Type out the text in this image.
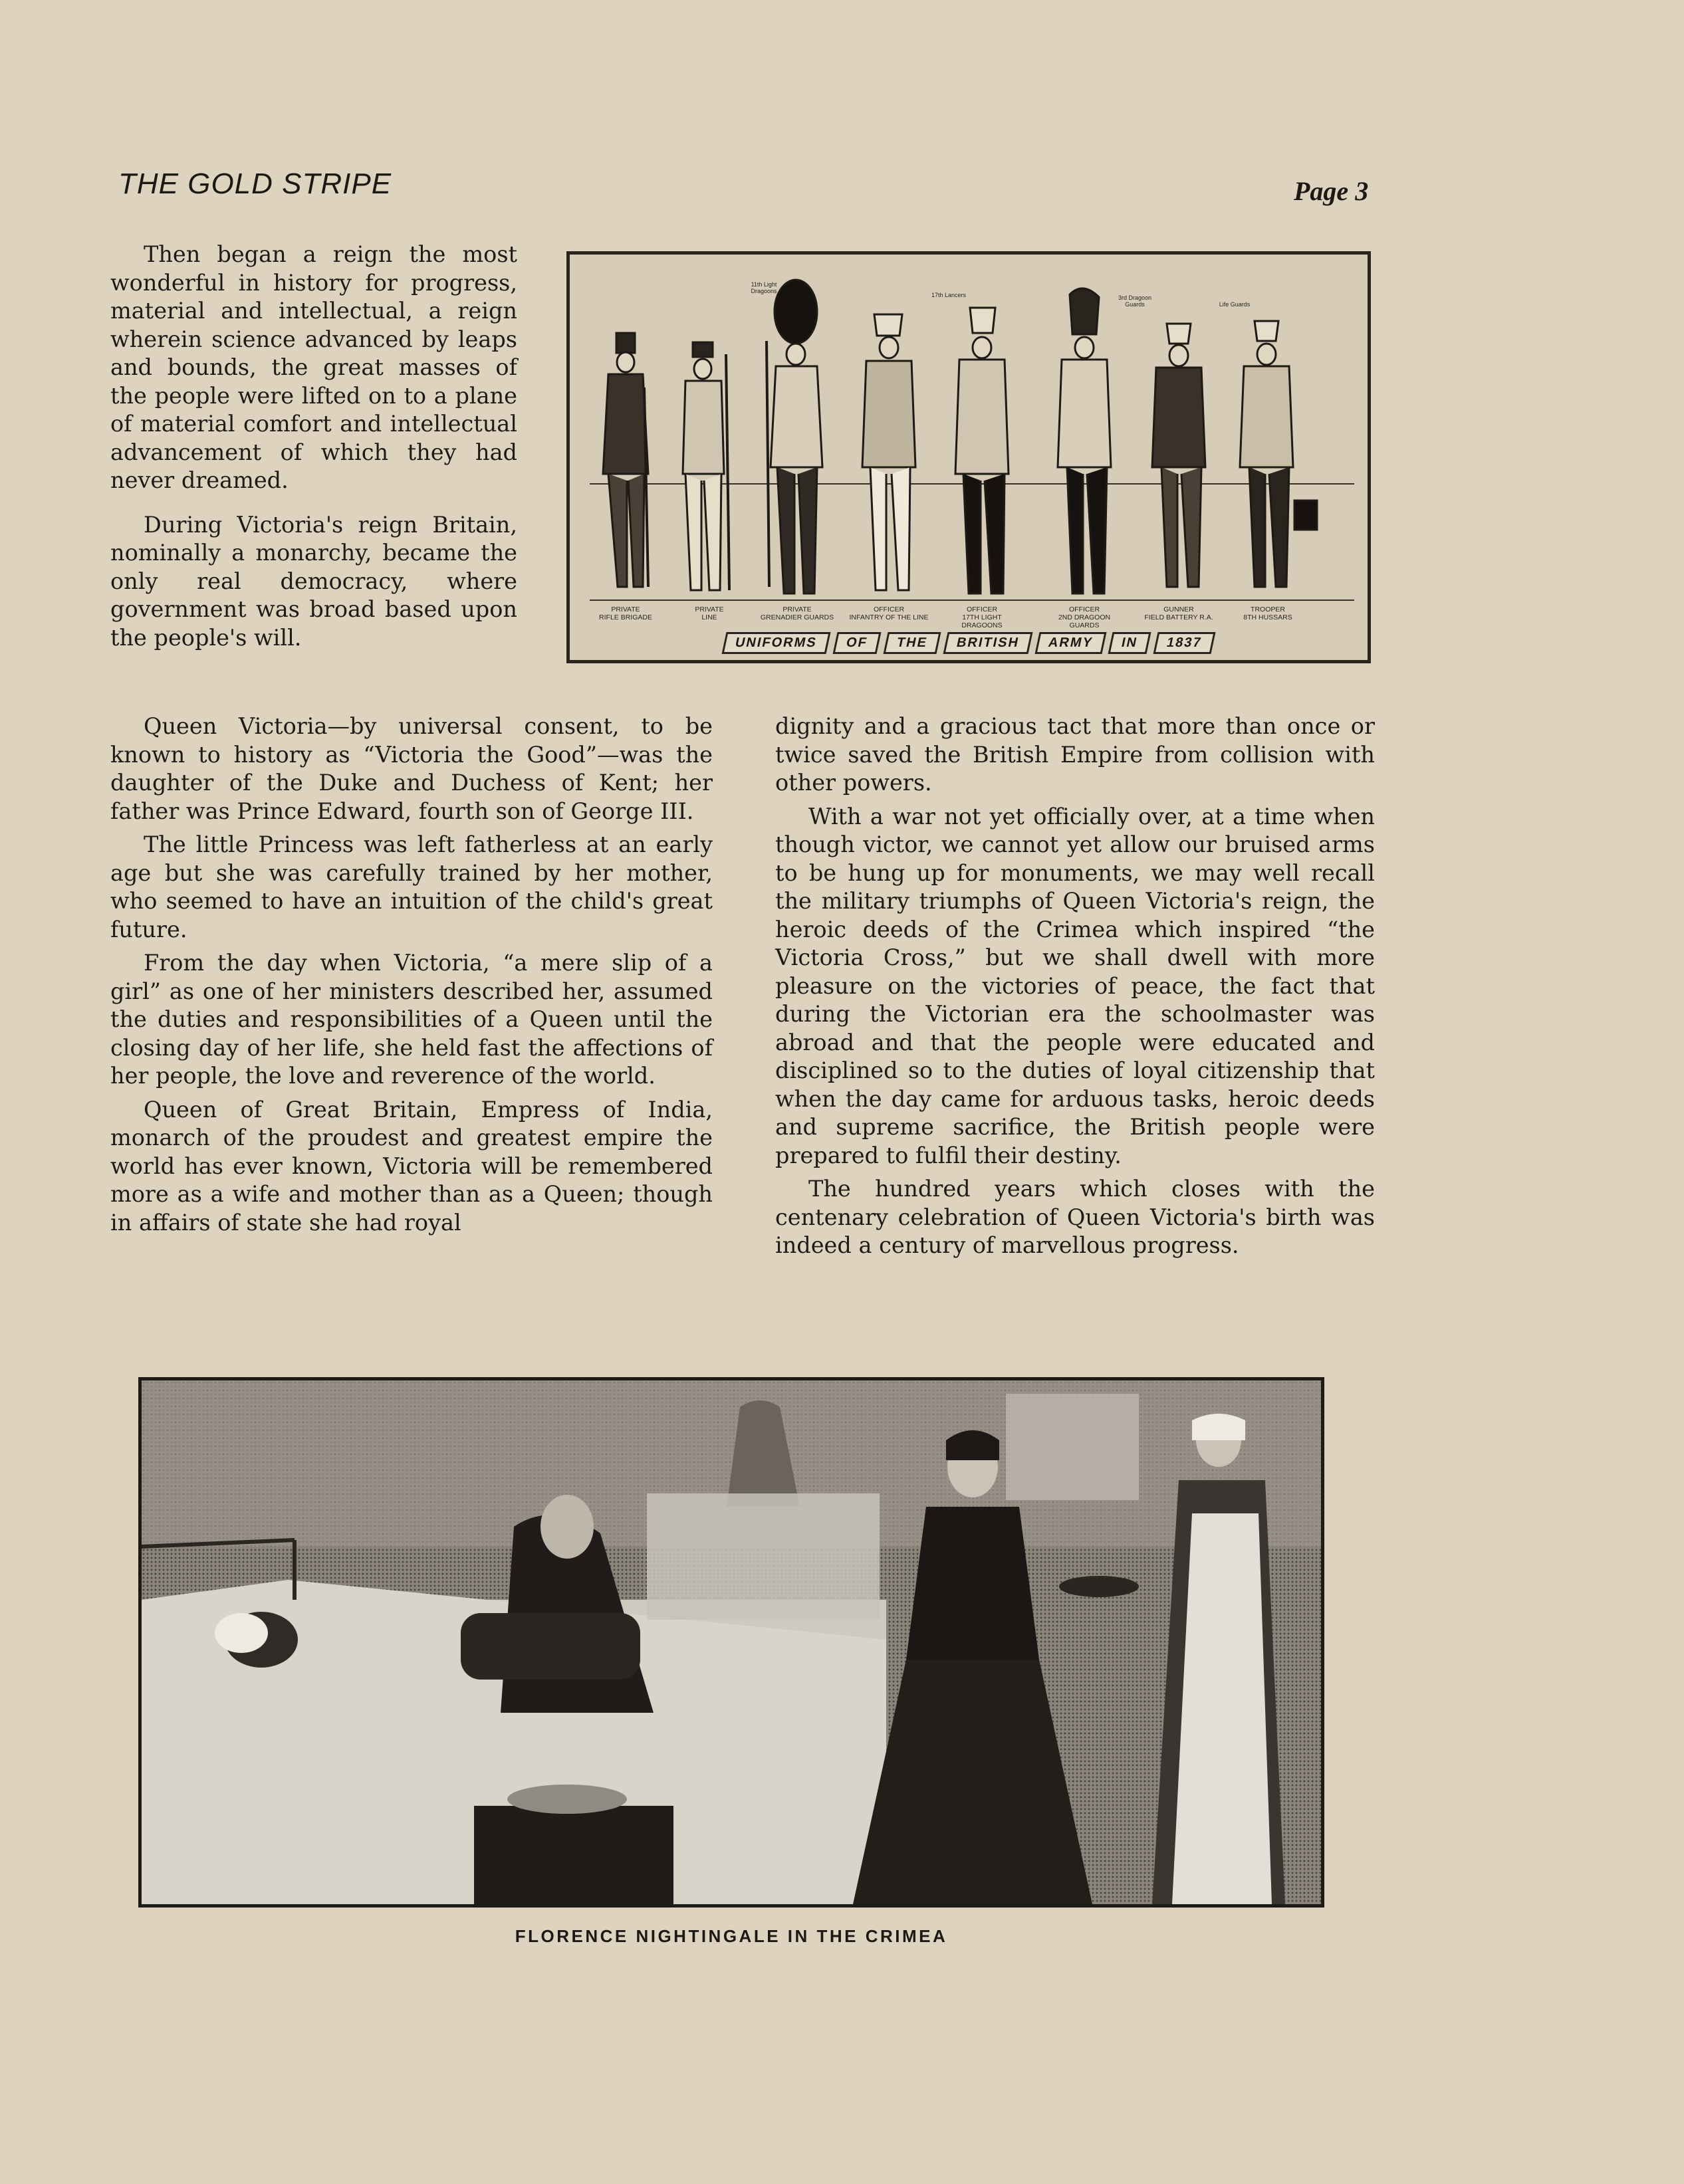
THE GOLD STRIPE	Page 3

Then began a reign the most wonderful in history for progress, material and intellectual, a reign wherein science advanced by leaps and bounds, the great masses of the people were lifted on to a plane of material comfort and intellectual advancement of which they had never dreamed.

During Victoria's reign Britain, nominally a monarchy, became the only real democracy, where government was broad based upon the people's will.

11th Light Dragoons
17th Lancers	3rd Dragoon Guards	Life Guards
PRIVATE
RIFLE BRIGADE
PRIVATE
LINE
PRIVATE
GRENADIER GUARDS
OFFICER
INFANTRY OF THE LINE
OFFICER
17TH LIGHT DRAGOONS
OFFICER
2ND DRAGOON GUARDS
GUNNER
FIELD BATTERY R.A.
TROOPER
8TH HUSSARS
UNIFORMS	OF	THE	BRITISH	ARMY	IN	1837

Queen Victoria—by universal consent, to be known to history as “Victoria the Good”—was the daughter of the Duke and Duchess of Kent; her father was Prince Edward, fourth son of George III.

The little Princess was left fatherless at an early age but she was carefully trained by her mother, who seemed to have an intuition of the child's great future.

From the day when Victoria, “a mere slip of a girl” as one of her ministers described her, assumed the duties and responsibilities of a Queen until the closing day of her life, she held fast the affections of her people, the love and reverence of the world.

Queen of Great Britain, Empress of India, monarch of the proudest and greatest empire the world has ever known, Victoria will be remembered more as a wife and mother than as a Queen; though in affairs of state she had royal

dignity and a gracious tact that more than once or twice saved the British Empire from collision with other powers.

With a war not yet officially over, at a time when though victor, we cannot yet allow our bruised arms to be hung up for monuments, we may well recall the military triumphs of Queen Victoria's reign, the heroic deeds of the Crimea which inspired “the Victoria Cross,” but we shall dwell with more pleasure on the victories of peace, the fact that during the Victorian era the schoolmaster was abroad and that the people were educated and disciplined so to the duties of loyal citizenship that when the day came for arduous tasks, heroic deeds and supreme sacrifice, the British people were prepared to fulfil their destiny.

The hundred years which closes with the centenary celebration of Queen Victoria's birth was indeed a century of marvellous progress.

FLORENCE NIGHTINGALE IN THE CRIMEA
